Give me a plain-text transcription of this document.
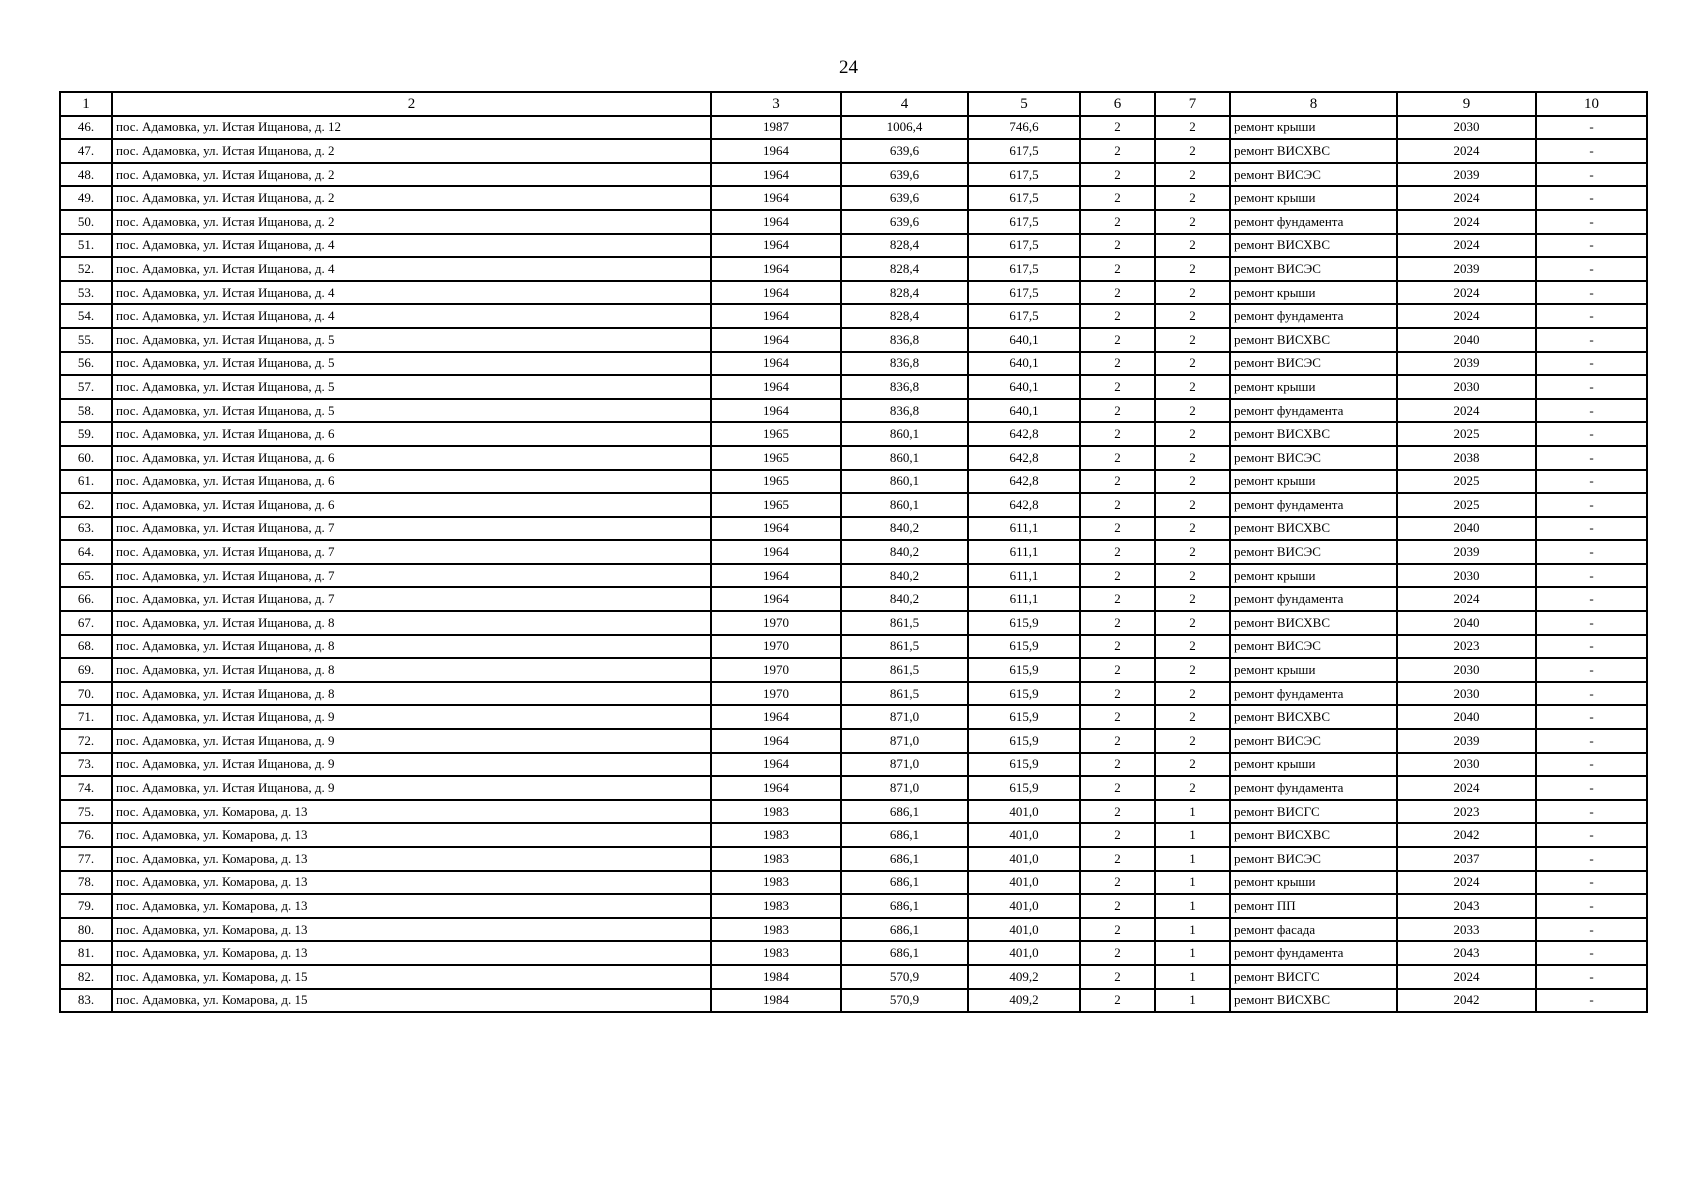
24
1	2	3	4	5	6	7	8	9	10
46.	пос. Адамовка, ул. Истая Ищанова, д. 12	1987	1006,4	746,6	2	2	ремонт крыши	2030	-
47.	пос. Адамовка, ул. Истая Ищанова, д. 2	1964	639,6	617,5	2	2	ремонт ВИСХВС	2024	-
48.	пос. Адамовка, ул. Истая Ищанова, д. 2	1964	639,6	617,5	2	2	ремонт ВИСЭС	2039	-
49.	пос. Адамовка, ул. Истая Ищанова, д. 2	1964	639,6	617,5	2	2	ремонт крыши	2024	-
50.	пос. Адамовка, ул. Истая Ищанова, д. 2	1964	639,6	617,5	2	2	ремонт фундамента	2024	-
51.	пос. Адамовка, ул. Истая Ищанова, д. 4	1964	828,4	617,5	2	2	ремонт ВИСХВС	2024	-
52.	пос. Адамовка, ул. Истая Ищанова, д. 4	1964	828,4	617,5	2	2	ремонт ВИСЭС	2039	-
53.	пос. Адамовка, ул. Истая Ищанова, д. 4	1964	828,4	617,5	2	2	ремонт крыши	2024	-
54.	пос. Адамовка, ул. Истая Ищанова, д. 4	1964	828,4	617,5	2	2	ремонт фундамента	2024	-
55.	пос. Адамовка, ул. Истая Ищанова, д. 5	1964	836,8	640,1	2	2	ремонт ВИСХВС	2040	-
56.	пос. Адамовка, ул. Истая Ищанова, д. 5	1964	836,8	640,1	2	2	ремонт ВИСЭС	2039	-
57.	пос. Адамовка, ул. Истая Ищанова, д. 5	1964	836,8	640,1	2	2	ремонт крыши	2030	-
58.	пос. Адамовка, ул. Истая Ищанова, д. 5	1964	836,8	640,1	2	2	ремонт фундамента	2024	-
59.	пос. Адамовка, ул. Истая Ищанова, д. 6	1965	860,1	642,8	2	2	ремонт ВИСХВС	2025	-
60.	пос. Адамовка, ул. Истая Ищанова, д. 6	1965	860,1	642,8	2	2	ремонт ВИСЭС	2038	-
61.	пос. Адамовка, ул. Истая Ищанова, д. 6	1965	860,1	642,8	2	2	ремонт крыши	2025	-
62.	пос. Адамовка, ул. Истая Ищанова, д. 6	1965	860,1	642,8	2	2	ремонт фундамента	2025	-
63.	пос. Адамовка, ул. Истая Ищанова, д. 7	1964	840,2	611,1	2	2	ремонт ВИСХВС	2040	-
64.	пос. Адамовка, ул. Истая Ищанова, д. 7	1964	840,2	611,1	2	2	ремонт ВИСЭС	2039	-
65.	пос. Адамовка, ул. Истая Ищанова, д. 7	1964	840,2	611,1	2	2	ремонт крыши	2030	-
66.	пос. Адамовка, ул. Истая Ищанова, д. 7	1964	840,2	611,1	2	2	ремонт фундамента	2024	-
67.	пос. Адамовка, ул. Истая Ищанова, д. 8	1970	861,5	615,9	2	2	ремонт ВИСХВС	2040	-
68.	пос. Адамовка, ул. Истая Ищанова, д. 8	1970	861,5	615,9	2	2	ремонт ВИСЭС	2023	-
69.	пос. Адамовка, ул. Истая Ищанова, д. 8	1970	861,5	615,9	2	2	ремонт крыши	2030	-
70.	пос. Адамовка, ул. Истая Ищанова, д. 8	1970	861,5	615,9	2	2	ремонт фундамента	2030	-
71.	пос. Адамовка, ул. Истая Ищанова, д. 9	1964	871,0	615,9	2	2	ремонт ВИСХВС	2040	-
72.	пос. Адамовка, ул. Истая Ищанова, д. 9	1964	871,0	615,9	2	2	ремонт ВИСЭС	2039	-
73.	пос. Адамовка, ул. Истая Ищанова, д. 9	1964	871,0	615,9	2	2	ремонт крыши	2030	-
74.	пос. Адамовка, ул. Истая Ищанова, д. 9	1964	871,0	615,9	2	2	ремонт фундамента	2024	-
75.	пос. Адамовка, ул. Комарова, д. 13	1983	686,1	401,0	2	1	ремонт ВИСГС	2023	-
76.	пос. Адамовка, ул. Комарова, д. 13	1983	686,1	401,0	2	1	ремонт ВИСХВС	2042	-
77.	пос. Адамовка, ул. Комарова, д. 13	1983	686,1	401,0	2	1	ремонт ВИСЭС	2037	-
78.	пос. Адамовка, ул. Комарова, д. 13	1983	686,1	401,0	2	1	ремонт крыши	2024	-
79.	пос. Адамовка, ул. Комарова, д. 13	1983	686,1	401,0	2	1	ремонт ПП	2043	-
80.	пос. Адамовка, ул. Комарова, д. 13	1983	686,1	401,0	2	1	ремонт фасада	2033	-
81.	пос. Адамовка, ул. Комарова, д. 13	1983	686,1	401,0	2	1	ремонт фундамента	2043	-
82.	пос. Адамовка, ул. Комарова, д. 15	1984	570,9	409,2	2	1	ремонт ВИСГС	2024	-
83.	пос. Адамовка, ул. Комарова, д. 15	1984	570,9	409,2	2	1	ремонт ВИСХВС	2042	-
